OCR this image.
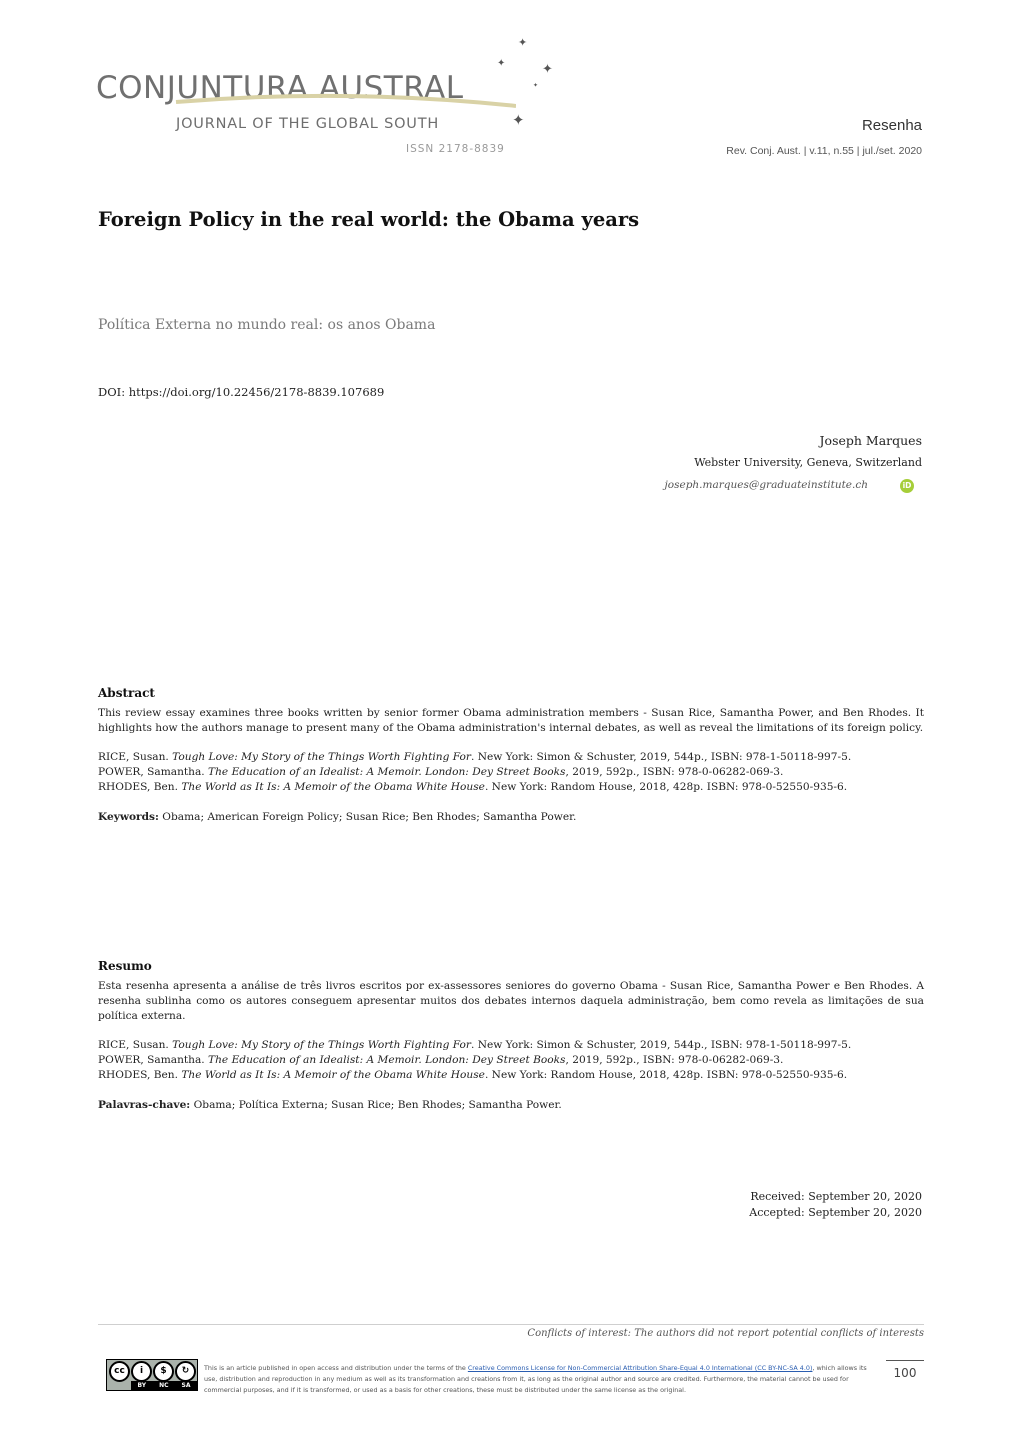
CONJUNTURA AUSTRAL
JOURNAL OF THE GLOBAL SOUTH
ISSN 2178-8839
✦
✦	✦
✦
✦	Resenha
Rev. Conj. Aust. | v.11, n.55 | jul./set. 2020
Foreign Policy in the real world: the Obama years
Política Externa no mundo real: os anos Obama
DOI: https://doi.org/10.22456/2178-8839.107689
Joseph Marques
Webster University, Geneva, Switzerland
joseph.marques@graduateinstitute.ch	iD
Abstract

This review essay examines three books written by senior former Obama administration members - Susan Rice, Samantha Power, and Ben Rhodes. It highlights how the authors manage to present many of the Obama administration's internal debates, as well as reveal the limitations of its foreign policy.

RICE, Susan. Tough Love: My Story of the Things Worth Fighting For. New York: Simon & Schuster, 2019, 544p., ISBN: 978-1-50118-997-5.
POWER, Samantha. The Education of an Idealist: A Memoir. London: Dey Street Books, 2019, 592p., ISBN: 978-0-06282-069-3.
RHODES, Ben. The World as It Is: A Memoir of the Obama White House. New York: Random House, 2018, 428p. ISBN: 978-0-52550-935-6.
Keywords: Obama; American Foreign Policy; Susan Rice; Ben Rhodes; Samantha Power.
Resumo

Esta resenha apresenta a análise de três livros escritos por ex-assessores seniores do governo Obama - Susan Rice, Samantha Power e Ben Rhodes. A resenha sublinha como os autores conseguem apresentar muitos dos debates internos daquela administração, bem como revela as limitações de sua política externa.

RICE, Susan. Tough Love: My Story of the Things Worth Fighting For. New York: Simon & Schuster, 2019, 544p., ISBN: 978-1-50118-997-5.
POWER, Samantha. The Education of an Idealist: A Memoir. London: Dey Street Books, 2019, 592p., ISBN: 978-0-06282-069-3.
RHODES, Ben. The World as It Is: A Memoir of the Obama White House. New York: Random House, 2018, 428p. ISBN: 978-0-52550-935-6.
Palavras-chave: Obama; Política Externa; Susan Rice; Ben Rhodes; Samantha Power.
Received: September 20, 2020
Accepted: September 20, 2020
Conflicts of interest: The authors did not report potential conflicts of interests
cc	i	$	↻
BY NC SA
This is an article published in open access and distribution under the terms of the Creative Commons License for Non-Commercial Attribution Share-Equal 4.0 International (CC BY-NC-SA 4.0), which allows its use, distribution and reproduction in any medium as well as its transformation and creations from it, as long as the original author and source are credited. Furthermore, the material cannot be used for commercial purposes, and if it is transformed, or used as a basis for other creations, these must be distributed under the same license as the original.
100
